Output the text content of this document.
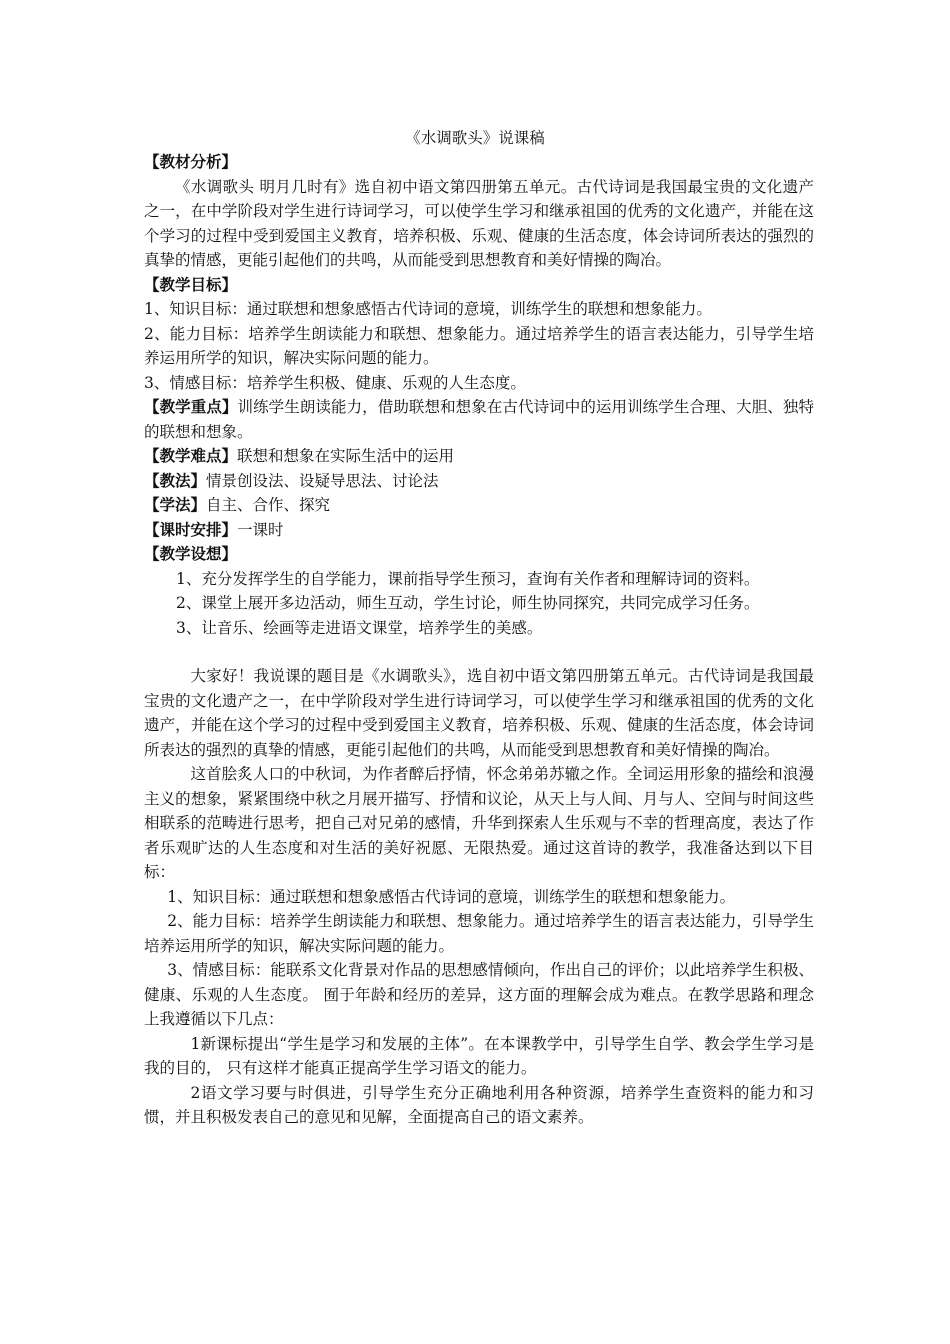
《水调歌头》说课稿
【教材分析】

《水调歌头 明月几时有》选自初中语文第四册第五单元。古代诗词是我国最宝贵的文化遗产之一，在中学阶段对学生进行诗词学习，可以使学生学习和继承祖国的优秀的文化遗产，并能在这个学习的过程中受到爱国主义教育，培养积极、乐观、健康的生活态度，体会诗词所表达的强烈的真挚的情感，更能引起他们的共鸣，从而能受到思想教育和美好情操的陶冶。

【教学目标】

1、知识目标：通过联想和想象感悟古代诗词的意境，训练学生的联想和想象能力。

2、能力目标：培养学生朗读能力和联想、想象能力。通过培养学生的语言表达能力，引导学生培养运用所学的知识，解决实际问题的能力。

3、情感目标：培养学生积极、健康、乐观的人生态度。

【教学重点】训练学生朗读能力，借助联想和想象在古代诗词中的运用训练学生合理、大胆、独特的联想和想象。

【教学难点】联想和想象在实际生活中的运用

【教法】情景创设法、设疑导思法、讨论法

【学法】自主、合作、探究

【课时安排】一课时

【教学设想】

1、充分发挥学生的自学能力，课前指导学生预习，查询有关作者和理解诗词的资料。

2、课堂上展开多边活动，师生互动，学生讨论，师生协同探究，共同完成学习任务。

3、让音乐、绘画等走进语文课堂，培养学生的美感。

大家好！我说课的题目是《水调歌头》，选自初中语文第四册第五单元。古代诗词是我国最宝贵的文化遗产之一，在中学阶段对学生进行诗词学习，可以使学生学习和继承祖国的优秀的文化遗产，并能在这个学习的过程中受到爱国主义教育，培养积极、乐观、健康的生活态度，体会诗词所表达的强烈的真挚的情感，更能引起他们的共鸣，从而能受到思想教育和美好情操的陶冶。

这首脍炙人口的中秋词，为作者醉后抒情，怀念弟弟苏辙之作。全词运用形象的描绘和浪漫主义的想象，紧紧围绕中秋之月展开描写、抒情和议论，从天上与人间、月与人、空间与时间这些相联系的范畴进行思考，把自己对兄弟的感情，升华到探索人生乐观与不幸的哲理高度，表达了作者乐观旷达的人生态度和对生活的美好祝愿、无限热爱。通过这首诗的教学，我准备达到以下目标：

1、知识目标：通过联想和想象感悟古代诗词的意境，训练学生的联想和想象能力。

2、能力目标：培养学生朗读能力和联想、想象能力。通过培养学生的语言表达能力，引导学生培养运用所学的知识，解决实际问题的能力。

3、情感目标：能联系文化背景对作品的思想感情倾向，作出自己的评价；以此培养学生积极、健康、乐观的人生态度。 囿于年龄和经历的差异，这方面的理解会成为难点。在教学思路和理念上我遵循以下几点：

1新课标提出“学生是学习和发展的主体”。在本课教学中，引导学生自学、教会学生学习是我的目的， 只有这样才能真正提高学生学习语文的能力。

2语文学习要与时俱进，引导学生充分正确地利用各种资源，培养学生查资料的能力和习惯，并且积极发表自己的意见和见解，全面提高自己的语文素养。
